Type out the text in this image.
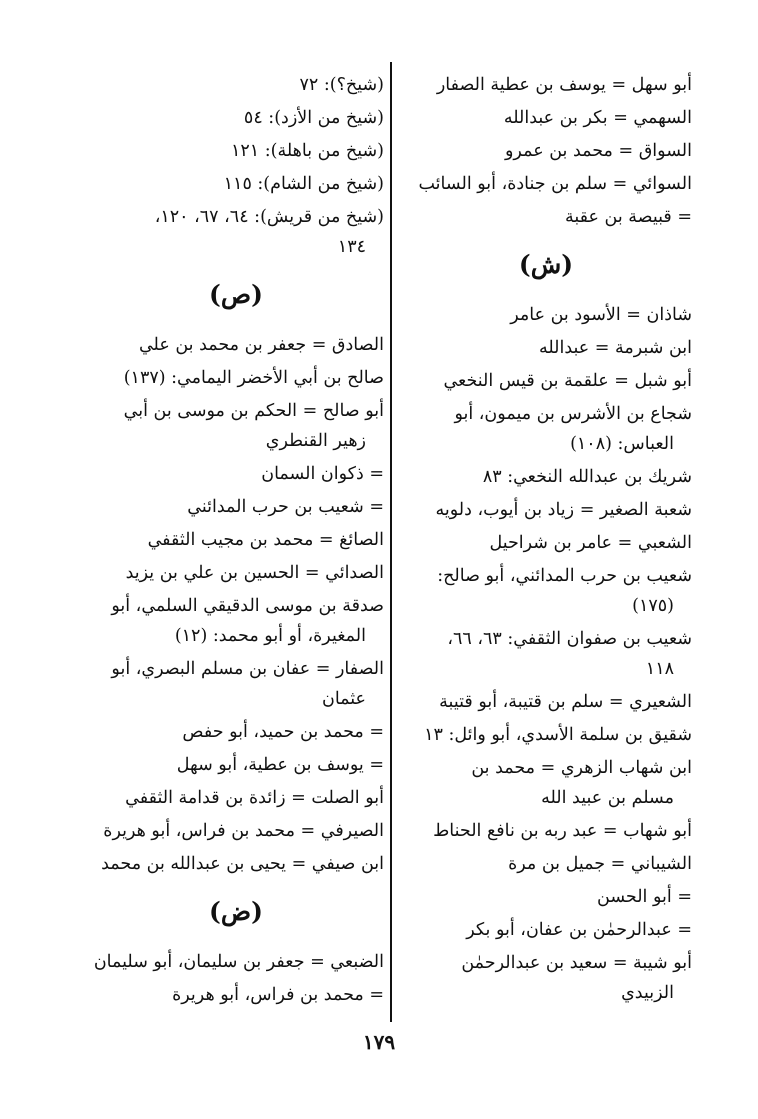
أبو سهل = يوسف بن عطية الصفار
السهمي = بكر بن عبدالله
السواق = محمد بن عمرو
السوائي = سلم بن جنادة، أبو السائب
= قبيصة بن عقبة
(ش)
شاذان = الأسود بن عامر
ابن شبرمة = عبدالله
أبو شبل = علقمة بن قيس النخعي
شجاع بن الأشرس بن ميمون، أبو
العباس: (١٠٨)
شريك بن عبدالله النخعي: ٨٣
شعبة الصغير = زياد بن أيوب، دلويه
الشعبي = عامر بن شراحيل
شعيب بن حرب المدائني، أبو صالح:
(١٧٥)
شعيب بن صفوان الثقفي: ٦٣، ٦٦،
١١٨
الشعيري = سلم بن قتيبة، أبو قتيبة
شقيق بن سلمة الأسدي، أبو وائل: ١٣
ابن شهاب الزهري = محمد بن
مسلم بن عبيد الله
أبو شهاب = عبد ربه بن نافع الحناط
الشيباني = جميل بن مرة
= أبو الحسن
= عبدالرحمٰن بن عفان، أبو بكر
أبو شيبة = سعيد بن عبدالرحمٰن
الزبيدي
(شيخ؟): ٧٢
(شيخ من الأزد): ٥٤
(شيخ من باهلة): ١٢١
(شيخ من الشام): ١١٥
(شيخ من قريش): ٦٤، ٦٧، ١٢٠،
١٣٤
(ص)
الصادق = جعفر بن محمد بن علي
صالح بن أبي الأخضر اليمامي: (١٣٧)
أبو صالح = الحكم بن موسى بن أبي
زهير القنطري
= ذكوان السمان
= شعيب بن حرب المدائني
الصائغ = محمد بن مجيب الثقفي
الصدائي = الحسين بن علي بن يزيد
صدقة بن موسى الدقيقي السلمي، أبو
المغيرة، أو أبو محمد: (١٢)
الصفار = عفان بن مسلم البصري، أبو
عثمان
= محمد بن حميد، أبو حفص
= يوسف بن عطية، أبو سهل
أبو الصلت = زائدة بن قدامة الثقفي
الصيرفي = محمد بن فراس، أبو هريرة
ابن صيفي = يحيى بن عبدالله بن محمد
(ض)
الضبعي = جعفر بن سليمان، أبو سليمان
= محمد بن فراس، أبو هريرة
١٧٩
